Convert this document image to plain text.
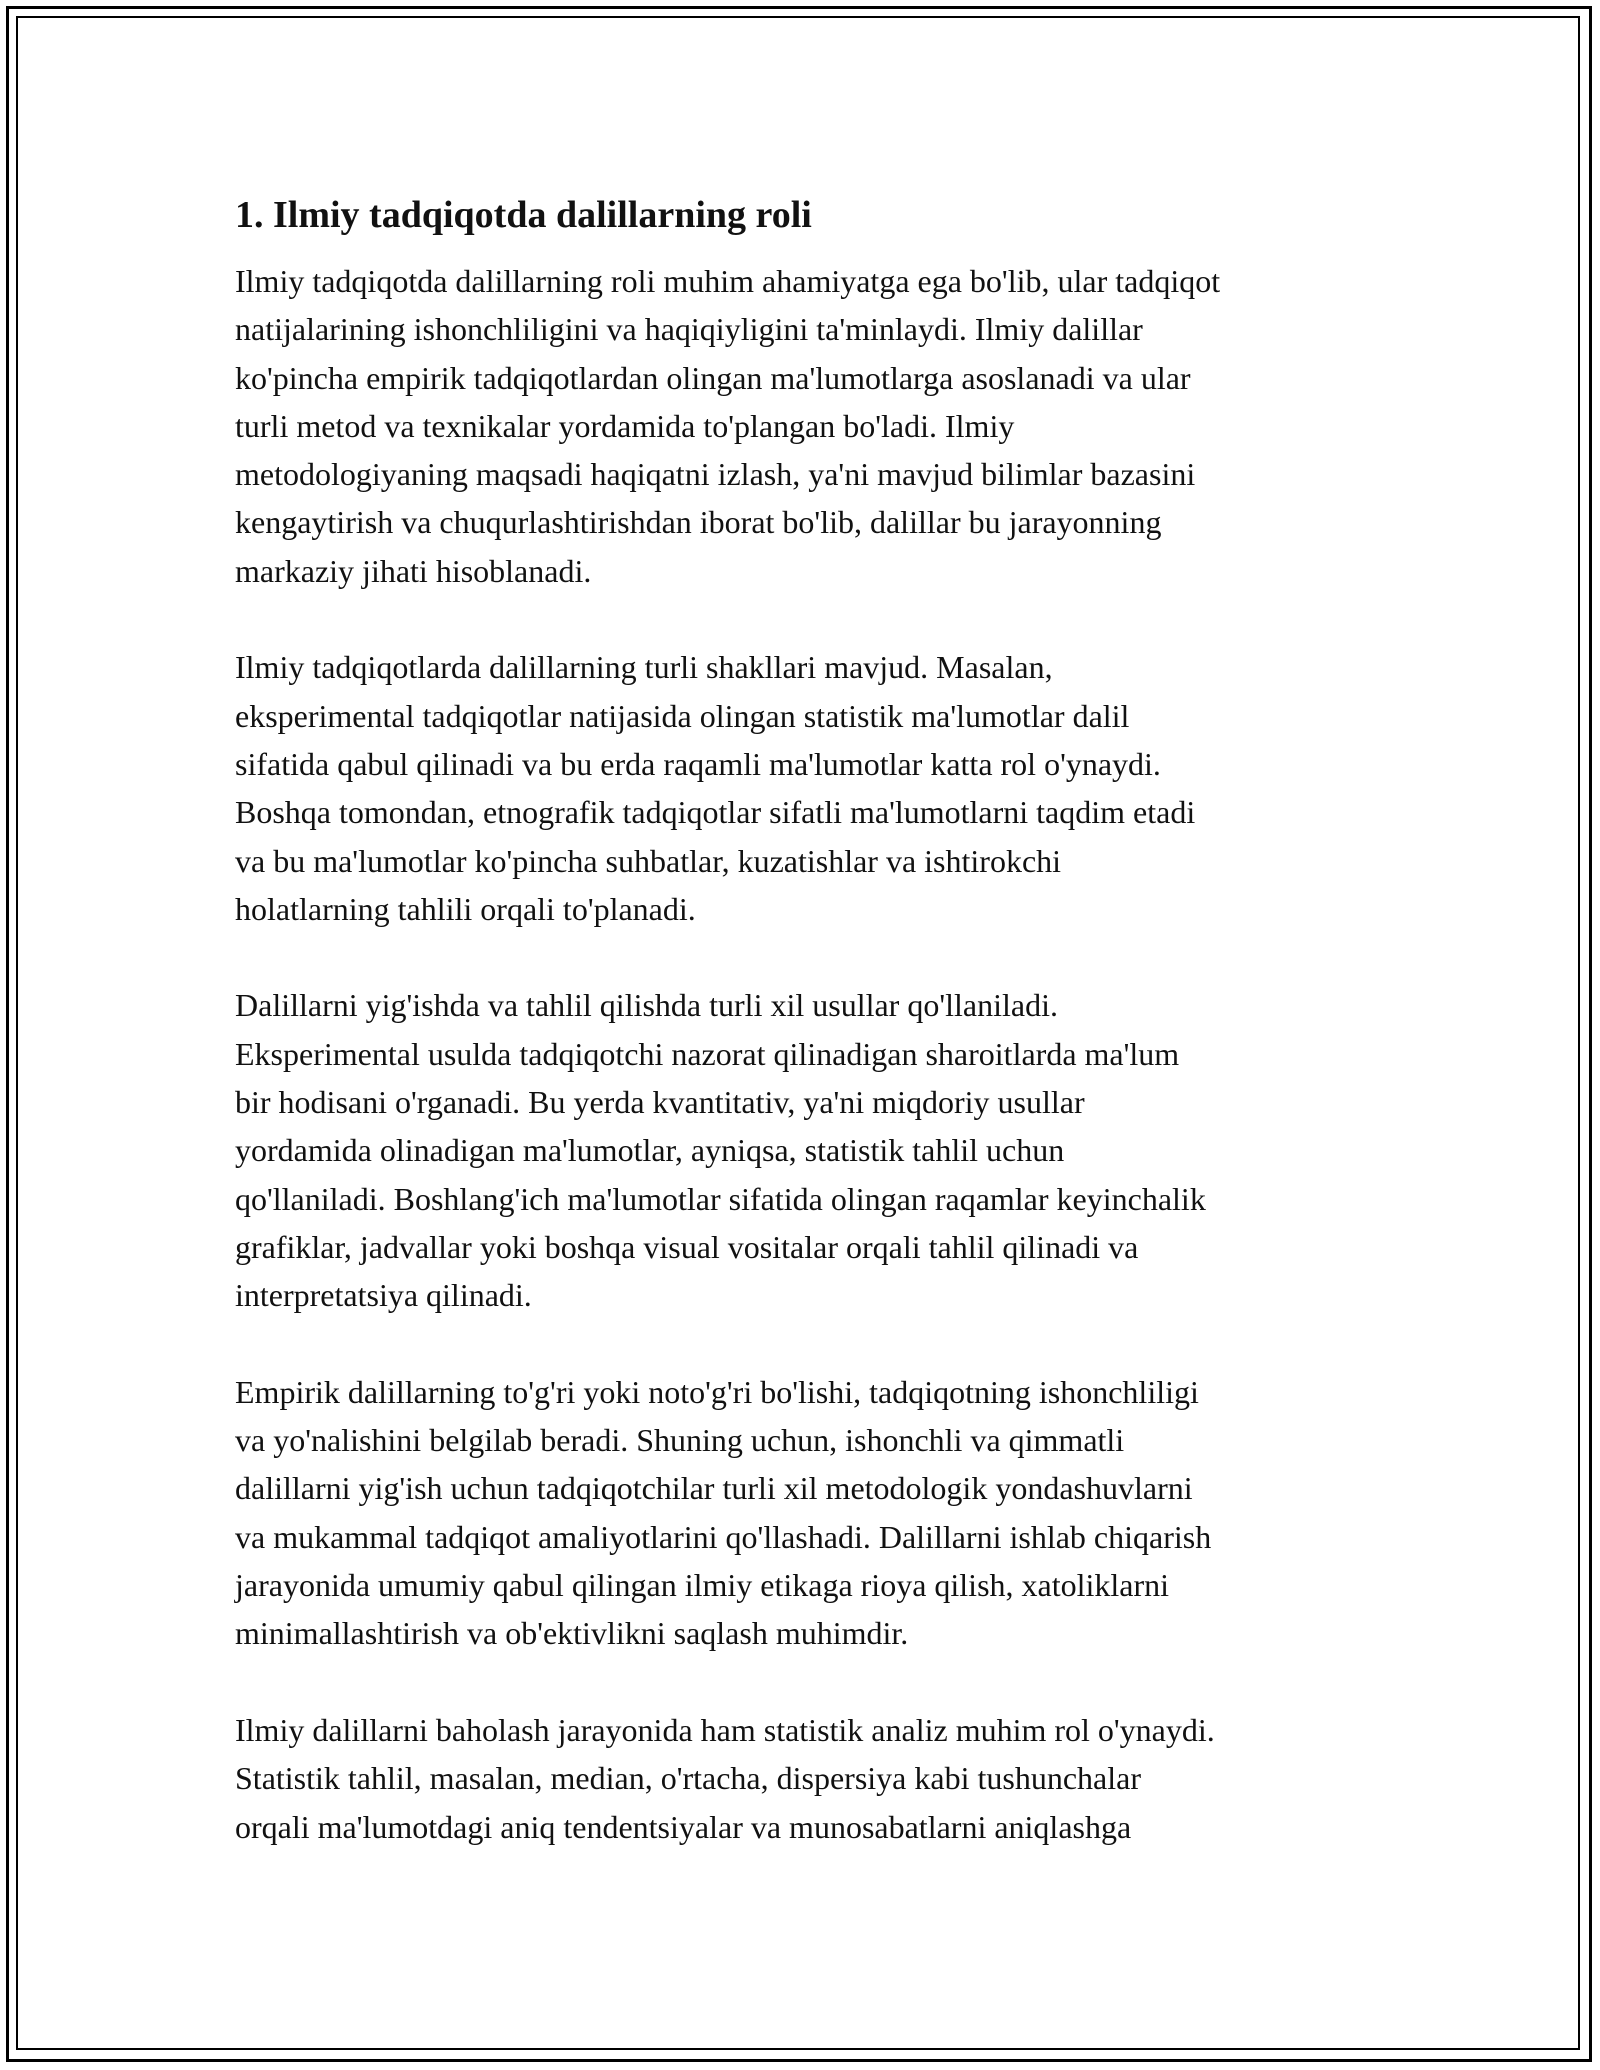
1. Ilmiy tadqiqotda dalillarning roli
Ilmiy tadqiqotda dalillarning roli muhim ahamiyatga ega bo'lib, ular tadqiqot
natijalarining ishonchliligini va haqiqiyligini ta'minlaydi. Ilmiy dalillar
ko'pincha empirik tadqiqotlardan olingan ma'lumotlarga asoslanadi va ular
turli metod va texnikalar yordamida to'plangan bo'ladi. Ilmiy
metodologiyaning maqsadi haqiqatni izlash, ya'ni mavjud bilimlar bazasini
kengaytirish va chuqurlashtirishdan iborat bo'lib, dalillar bu jarayonning
markaziy jihati hisoblanadi.
Ilmiy tadqiqotlarda dalillarning turli shakllari mavjud. Masalan,
eksperimental tadqiqotlar natijasida olingan statistik ma'lumotlar dalil
sifatida qabul qilinadi va bu erda raqamli ma'lumotlar katta rol o'ynaydi.
Boshqa tomondan, etnografik tadqiqotlar sifatli ma'lumotlarni taqdim etadi
va bu ma'lumotlar ko'pincha suhbatlar, kuzatishlar va ishtirokchi
holatlarning tahlili orqali to'planadi.
Dalillarni yig'ishda va tahlil qilishda turli xil usullar qo'llaniladi.
Eksperimental usulda tadqiqotchi nazorat qilinadigan sharoitlarda ma'lum
bir hodisani o'rganadi. Bu yerda kvantitativ, ya'ni miqdoriy usullar
yordamida olinadigan ma'lumotlar, ayniqsa, statistik tahlil uchun
qo'llaniladi. Boshlang'ich ma'lumotlar sifatida olingan raqamlar keyinchalik
grafiklar, jadvallar yoki boshqa visual vositalar orqali tahlil qilinadi va
interpretatsiya qilinadi.
Empirik dalillarning to'g'ri yoki noto'g'ri bo'lishi, tadqiqotning ishonchliligi
va yo'nalishini belgilab beradi. Shuning uchun, ishonchli va qimmatli
dalillarni yig'ish uchun tadqiqotchilar turli xil metodologik yondashuvlarni
va mukammal tadqiqot amaliyotlarini qo'llashadi. Dalillarni ishlab chiqarish
jarayonida umumiy qabul qilingan ilmiy etikaga rioya qilish, xatoliklarni
minimallashtirish va ob'ektivlikni saqlash muhimdir.
Ilmiy dalillarni baholash jarayonida ham statistik analiz muhim rol o'ynaydi.
Statistik tahlil, masalan, median, o'rtacha, dispersiya kabi tushunchalar
orqali ma'lumotdagi aniq tendentsiyalar va munosabatlarni aniqlashga
